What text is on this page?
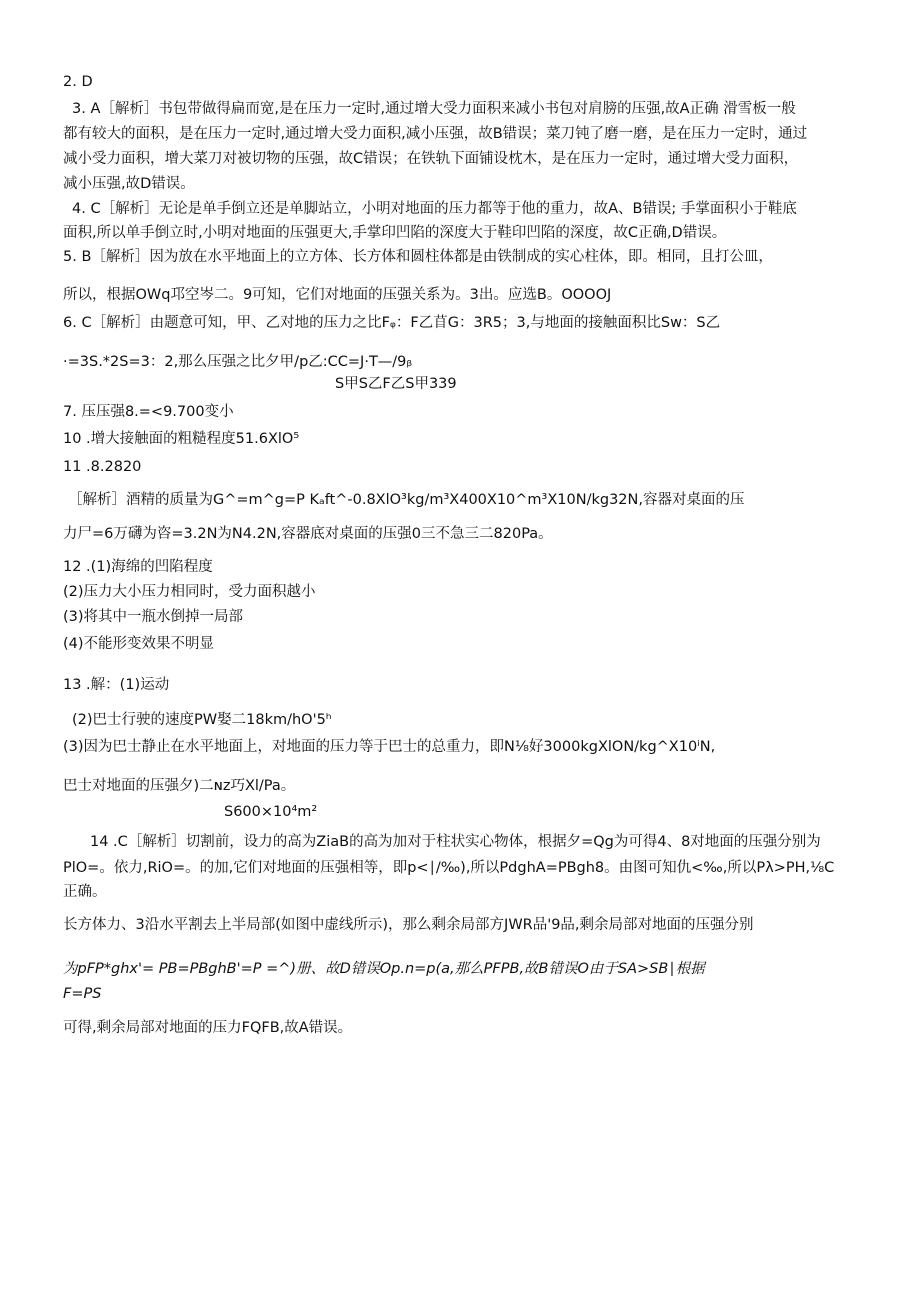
2. D
3. A［解析］书包带做得扁而宽,是在压力一定时,通过增大受力面积来减小书包对肩膀的压强,故A正确 滑雪板一般
都有较大的面积，是在压力一定时,通过增大受力面积,减小压强，故B错误；菜刀钝了磨一磨，是在压力一定时，通过
减小受力面积，增大菜刀对被切物的压强，故C错误；在铁轨下面铺设枕木，是在压力一定时，通过增大受力面积，
减小压强,故D错误。
4. C［解析］无论是单手倒立还是单脚站立，小明对地面的压力都等于他的重力，故A、B错误; 手掌面积小于鞋底
面积,所以单手倒立时,小明对地面的压强更大,手掌印凹陷的深度大于鞋印凹陷的深度，故C正确,D错误。
5. B［解析］因为放在水平地面上的立方体、长方体和圆柱体都是由铁制成的实心柱体，即。相同，且打公皿，
所以，根据OWq邛空岑二。9可知，它们对地面的压强关系为。3出。应选B。OOOOJ
6. C［解析］由题意可知，甲、乙对地的压力之比Fᵩ：F乙苜G：3R5；3,与地面的接触面积比Sw：S乙
·=3S.*2S=3：2,那么压强之比夕甲/p乙:CC=J·T—/9ᵦ
S甲S乙F乙S甲339
7. 压压强8.=<9.700变小
10 .增大接触面的粗糙程度51.6XlO⁵
11 .8.2820
［解析］酒精的质量为G^=m^g=P Kₐft^-0.8XlO³kg/m³X400X10^m³X10N/kg32N,容器对桌面的压
力尸=6万礴为咨=3.2N为N4.2N,容器底对桌面的压强0三不急三二820Pa。
12 .(1)海绵的凹陷程度
(2)压力大小压力相同时，受力面积越小
(3)将其中一瓶水倒掉一局部
(4)不能形变效果不明显
13 .解：(1)运动
(2)巴士行驶的速度PW娶二18km/hO'5ʰ
(3)因为巴士静止在水平地面上，对地面的压力等于巴士的总重力，即N⅛好3000kgXlON/kg^X10ⁱN,
巴士对地面的压强夕)二ɴz巧Xl/Pa。
S600×10⁴m²
14 .C［解析］切割前，设力的高为ZiaB的高为加对于柱状实心物体，根据夕=Qg为可得4、8对地面的压强分别为
PlO=。依力,RiO=。的加,它们对地面的压强相等，即p<∣/‰),所以PdghA=PBgh8。由图可知仇<‰,所以Pλ>PH,⅛C
正确。
长方体力、3沿水平割去上半局部(如图中虚线所示)，那么剩余局部方JWR品'9品,剩余局部对地面的压强分别
为pFP*ghx'= PB=PBghB'=P =^)册、故D错误Op.n=p(a,那么PFPB,故B错误O由于SA>SB∣根据
F=PS
可得,剩余局部对地面的压力FQFB,故A错误。
